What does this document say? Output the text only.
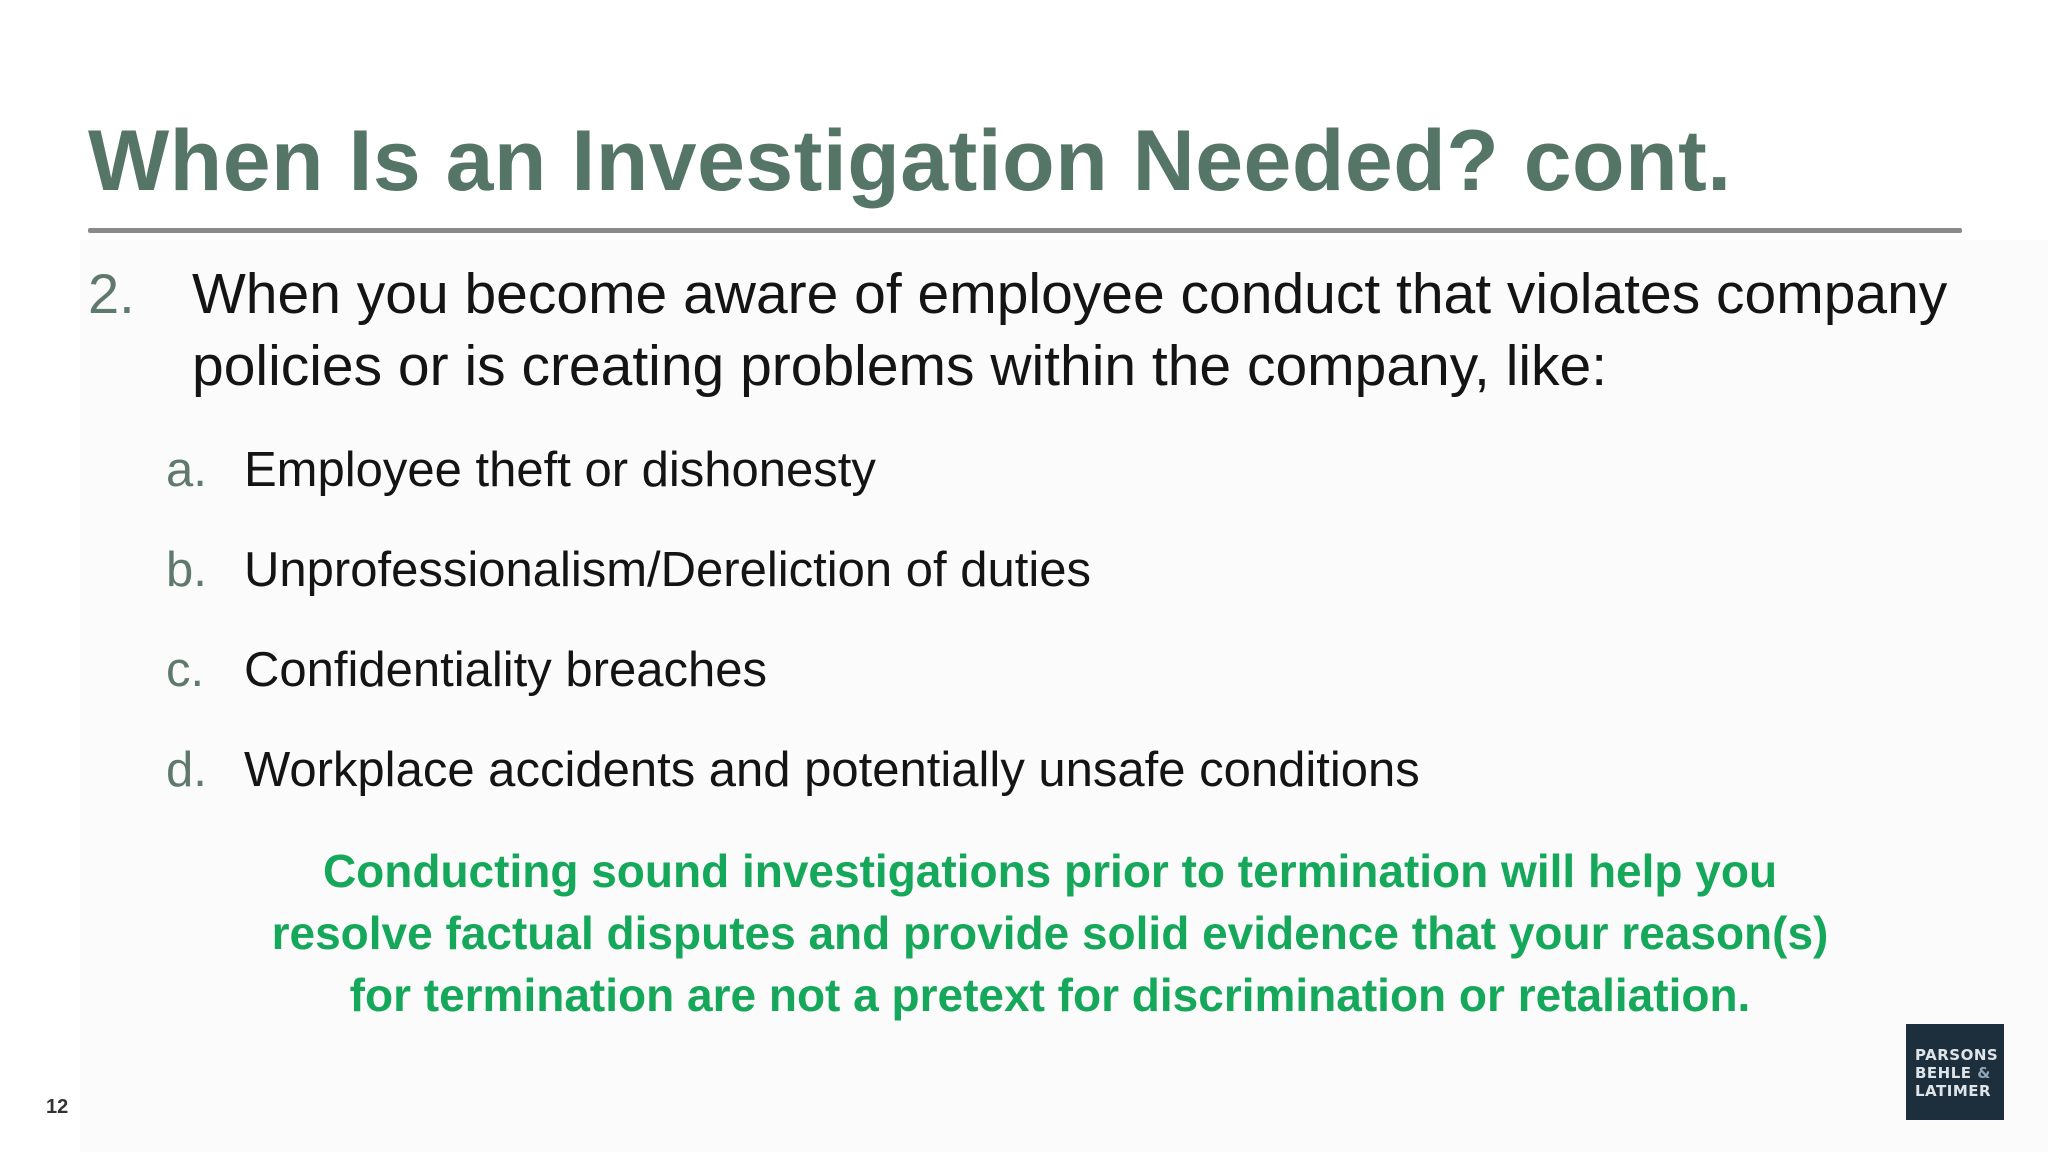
When Is an Investigation Needed? cont.
2. When you become aware of employee conduct that violates company policies or is creating problems within the company, like:
a. Employee theft or dishonesty
b. Unprofessionalism/Dereliction of duties
c. Confidentiality breaches
d. Workplace accidents and potentially unsafe conditions

Conducting sound investigations prior to termination will help you
resolve factual disputes and provide solid evidence that your reason(s)
for termination are not a pretext for discrimination or retaliation.

12
PARSONS
BEHLE &
LATIMER
